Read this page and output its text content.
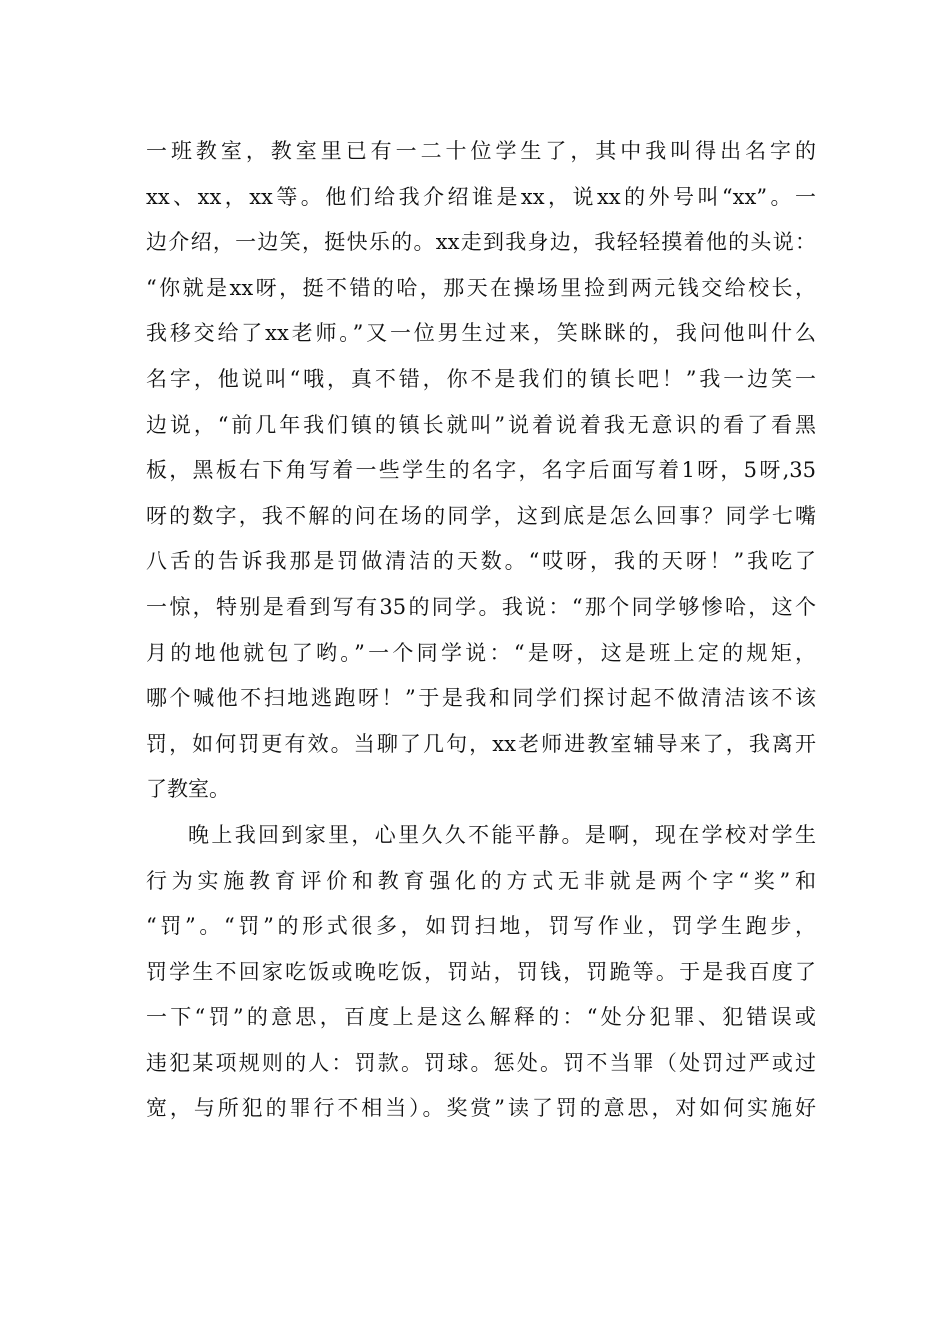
一班教室，教室里已有一二十位学生了，其中我叫得出名字的
xx、xx，xx等。他们给我介绍谁是xx，说xx的外号叫“xx”。一
边介绍，一边笑，挺快乐的。xx走到我身边，我轻轻摸着他的头说：
“你就是xx呀，挺不错的哈，那天在操场里捡到两元钱交给校长，
我移交给了xx老师。”又一位男生过来，笑眯眯的，我问他叫什么
名字，他说叫“哦，真不错，你不是我们的镇长吧！”我一边笑一
边说，“前几年我们镇的镇长就叫”说着说着我无意识的看了看黑
板，黑板右下角写着一些学生的名字，名字后面写着1呀，5呀,35
呀的数字，我不解的问在场的同学，这到底是怎么回事？同学七嘴
八舌的告诉我那是罚做清洁的天数。“哎呀，我的天呀！”我吃了
一惊，特别是看到写有35的同学。我说：“那个同学够惨哈，这个
月的地他就包了哟。”一个同学说：“是呀，这是班上定的规矩，
哪个喊他不扫地逃跑呀！”于是我和同学们探讨起不做清洁该不该
罚，如何罚更有效。当聊了几句，xx老师进教室辅导来了，我离开
了教室。
晚上我回到家里，心里久久不能平静。是啊，现在学校对学生
行为实施教育评价和教育强化的方式无非就是两个字“奖”和
“罚”。“罚”的形式很多，如罚扫地，罚写作业，罚学生跑步，
罚学生不回家吃饭或晚吃饭，罚站，罚钱，罚跪等。于是我百度了
一下“罚”的意思，百度上是这么解释的：“处分犯罪、犯错误或
违犯某项规则的人：罚款。罚球。惩处。罚不当罪（处罚过严或过
宽，与所犯的罪行不相当）。奖赏”读了罚的意思，对如何实施好
